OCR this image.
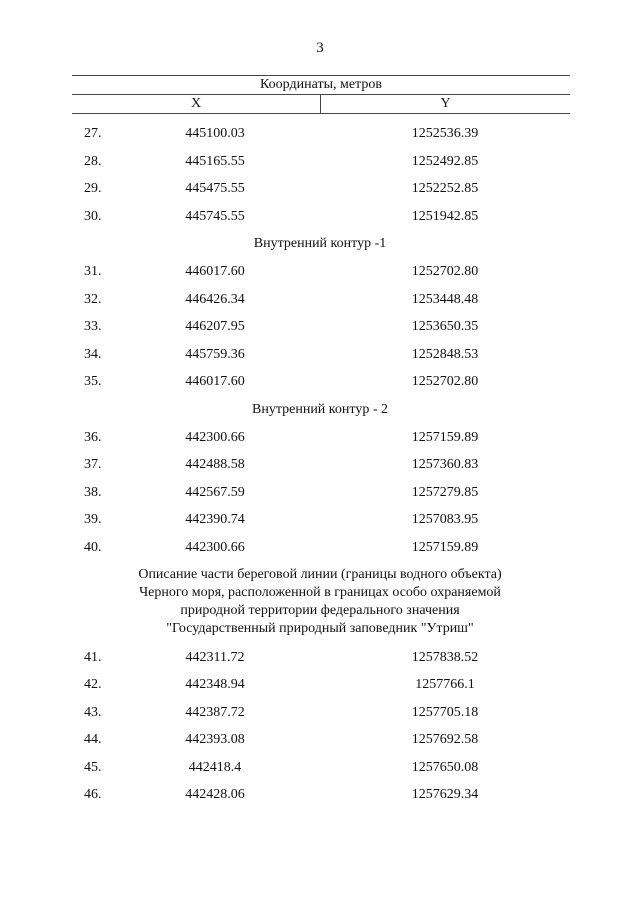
3
Координаты, метров
X	Y
27.	445100.03	1252536.39
28.	445165.55	1252492.85
29.	445475.55	1252252.85
30.	445745.55	1251942.85
Внутренний контур -1
31.	446017.60	1252702.80
32.	446426.34	1253448.48
33.	446207.95	1253650.35
34.	445759.36	1252848.53
35.	446017.60	1252702.80
Внутренний контур - 2
36.	442300.66	1257159.89
37.	442488.58	1257360.83
38.	442567.59	1257279.85
39.	442390.74	1257083.95
40.	442300.66	1257159.89
Описание части береговой линии (границы водного объекта)
Черного моря, расположенной в границах особо охраняемой
природной территории федерального значения
"Государственный природный заповедник "Утриш"
41.	442311.72	1257838.52
42.	442348.94	1257766.1
43.	442387.72	1257705.18
44.	442393.08	1257692.58
45.	442418.4	1257650.08
46.	442428.06	1257629.34
